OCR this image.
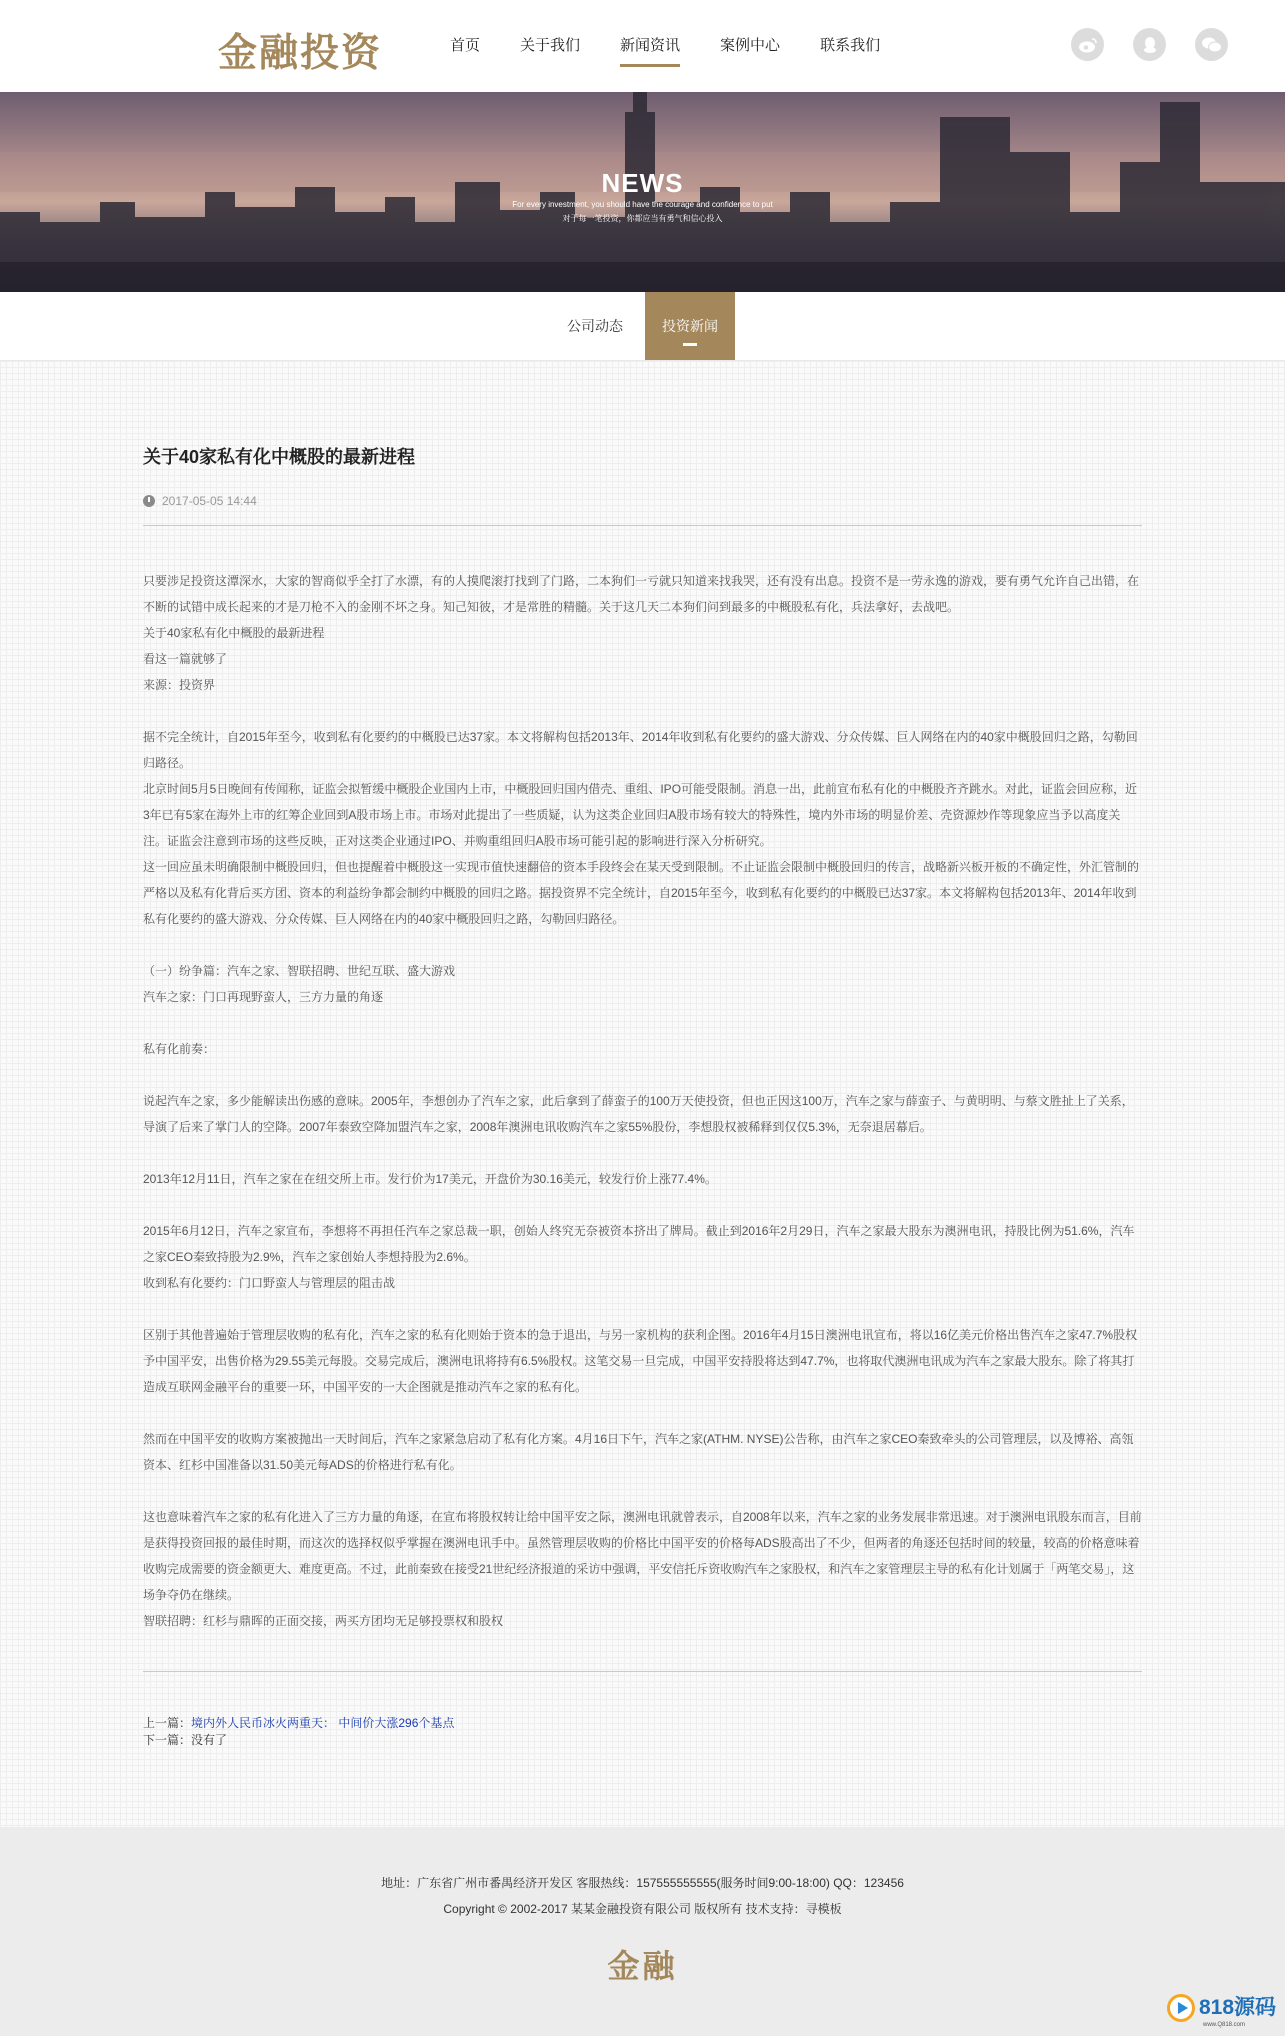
金融投资	首页	关于我们	新闻资讯	案例中心	联系我们
NEWS
For every investment, you should have the courage and confidence to put
对于每一笔投资，你都应当有勇气和信心投入
公司动态	投资新闻
关于40家私有化中概股的最新进程
2017-05-05 14:44

只要涉足投资这潭深水，大家的智商似乎全打了水漂，有的人摸爬滚打找到了门路，二本狗们一亏就只知道来找我哭，还有没有出息。投资不是一劳永逸的游戏，要有勇气允许自己出错，在不断的试错中成长起来的才是刀枪不入的金刚不坏之身。知己知彼，才是常胜的精髓。关于这几天二本狗们问到最多的中概股私有化，兵法拿好，去战吧。

关于40家私有化中概股的最新进程

看这一篇就够了

来源：投资界

据不完全统计，自2015年至今，收到私有化要约的中概股已达37家。本文将解构包括2013年、2014年收到私有化要约的盛大游戏、分众传媒、巨人网络在内的40家中概股回归之路，勾勒回归路径。

北京时间5月5日晚间有传闻称，证监会拟暂缓中概股企业国内上市，中概股回归国内借壳、重组、IPO可能受限制。消息一出，此前宣布私有化的中概股齐齐跳水。对此，证监会回应称，近3年已有5家在海外上市的红筹企业回到A股市场上市。市场对此提出了一些质疑，认为这类企业回归A股市场有较大的特殊性，境内外市场的明显价差、壳资源炒作等现象应当予以高度关注。证监会注意到市场的这些反映，正对这类企业通过IPO、并购重组回归A股市场可能引起的影响进行深入分析研究。

这一回应虽未明确限制中概股回归，但也提醒着中概股这一实现市值快速翻倍的资本手段终会在某天受到限制。不止证监会限制中概股回归的传言，战略新兴板开板的不确定性，外汇管制的严格以及私有化背后买方团、资本的利益纷争都会制约中概股的回归之路。据投资界不完全统计，自2015年至今，收到私有化要约的中概股已达37家。本文将解构包括2013年、2014年收到私有化要约的盛大游戏、分众传媒、巨人网络在内的40家中概股回归之路，勾勒回归路径。

（一）纷争篇：汽车之家、智联招聘、世纪互联、盛大游戏

汽车之家：门口再现野蛮人，三方力量的角逐

私有化前奏：

说起汽车之家，多少能解读出伤感的意味。2005年，李想创办了汽车之家，此后拿到了薛蛮子的100万天使投资，但也正因这100万，汽车之家与薛蛮子、与黄明明、与蔡文胜扯上了关系，导演了后来了掌门人的空降。2007年泰致空降加盟汽车之家，2008年澳洲电讯收购汽车之家55%股份，李想股权被稀释到仅仅5.3%，无奈退居幕后。

2013年12月11日，汽车之家在在纽交所上市。发行价为17美元，开盘价为30.16美元，较发行价上涨77.4%。

2015年6月12日，汽车之家宣布，李想将不再担任汽车之家总裁一职，创始人终究无奈被资本挤出了牌局。截止到2016年2月29日，汽车之家最大股东为澳洲电讯，持股比例为51.6%，汽车之家CEO秦致持股为2.9%，汽车之家创始人李想持股为2.6%。

收到私有化要约：门口野蛮人与管理层的阻击战

区别于其他普遍始于管理层收购的私有化，汽车之家的私有化则始于资本的急于退出，与另一家机构的获利企图。2016年4月15日澳洲电讯宣布，将以16亿美元价格出售汽车之家47.7%股权予中国平安，出售价格为29.55美元每股。交易完成后，澳洲电讯将持有6.5%股权。这笔交易一旦完成，中国平安持股将达到47.7%，也将取代澳洲电讯成为汽车之家最大股东。除了将其打造成互联网金融平台的重要一环，中国平安的一大企图就是推动汽车之家的私有化。

然而在中国平安的收购方案被抛出一天时间后，汽车之家紧急启动了私有化方案。4月16日下午，汽车之家(ATHM. NYSE)公告称，由汽车之家CEO秦致牵头的公司管理层，以及博裕、高瓴资本、红杉中国准备以31.50美元每ADS的价格进行私有化。

这也意味着汽车之家的私有化进入了三方力量的角逐，在宣布将股权转让给中国平安之际，澳洲电讯就曾表示，自2008年以来，汽车之家的业务发展非常迅速。对于澳洲电讯股东而言，目前是获得投资回报的最佳时期，而这次的选择权似乎掌握在澳洲电讯手中。虽然管理层收购的价格比中国平安的价格每ADS股高出了不少，但两者的角逐还包括时间的较量，较高的价格意味着收购完成需要的资金额更大、难度更高。不过，此前秦致在接受21世纪经济报道的采访中强调，平安信托斥资收购汽车之家股权，和汽车之家管理层主导的私有化计划属于「两笔交易」，这场争夺仍在继续。

智联招聘：红杉与鼎晖的正面交接，两买方团均无足够投票权和股权

上一篇：境内外人民币冰火两重天： 中间价大涨296个基点
下一篇：没有了
地址：广东省广州市番禺经济开发区 客服热线：157555555555(服务时间9:00-18:00) QQ：123456
Copyright © 2002-2017 某某金融投资有限公司 版权所有 技术支持：寻模板
金融
818源码
www.Q818.com
